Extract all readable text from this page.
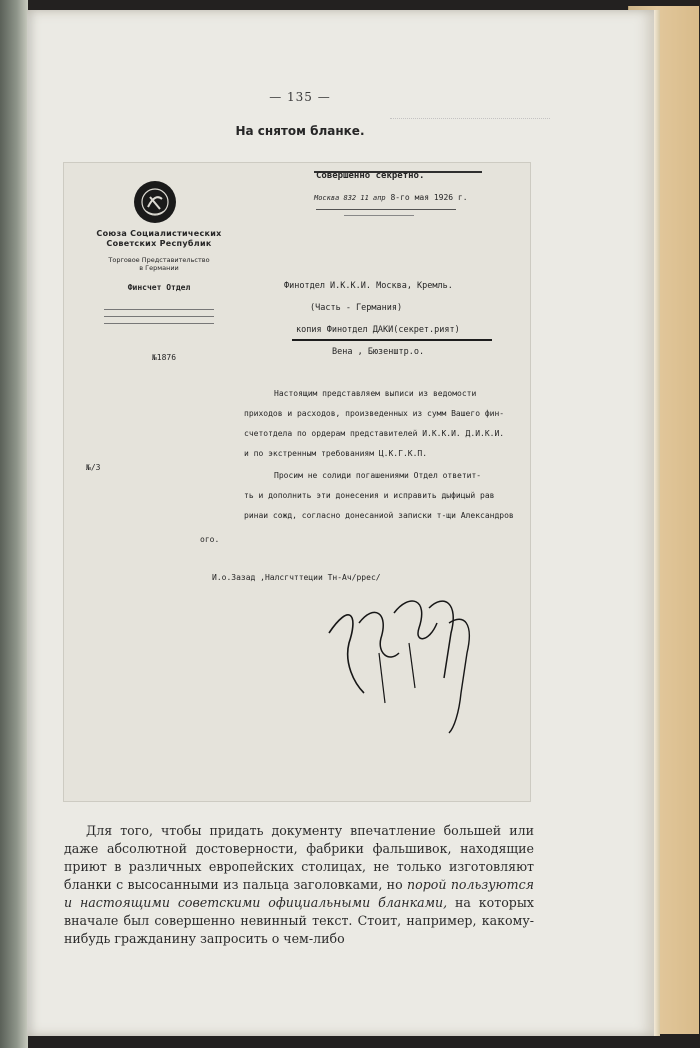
— 135 —
На снятом бланке.
Союза Социалистических
Советских Республик
Торговое Представительство
в Германии
Финсчет Отдел
№1876
№/3
Совершенно секретно.
Москва 832 11 апр 8-го мая 1926 г.
Финотдел И.К.К.И. Москва, Кремль.
(Часть - Германия)
копия Финотдел ДАКИ(секрет.рият)
Вена , Бюзенштр.о.
Настоящим представляем выписи из ведомости
приходов и расходов, произведенных из сумм Вашего фин-
счетотдела по ордерам представителей И.К.К.И. Д.И.К.И.
и по экстренным требованиям Ц.К.Г.К.П.
Просим не солиди погашениями Отдел ответит-
ть и дополнить эти донесения и исправить дыфицый рав
ринаи сожд, согласно донесаниой записки т-щи Александров
ого.
И.о.Зазад ,Налсгчттеции Тн-Ач/ррес/

Для того, чтобы придать документу впечатление большей или даже абсолютной достоверности, фабрики фальшивок, находящие приют в различных европейских столицах, не только изготовляют бланки с высосанными из пальца заголовками, но порой пользуются и настоящими советскими официальными бланками, на которых вначале был совершенно невинный текст. Стоит, например, какому-нибудь гражданину запросить о чем-либо
